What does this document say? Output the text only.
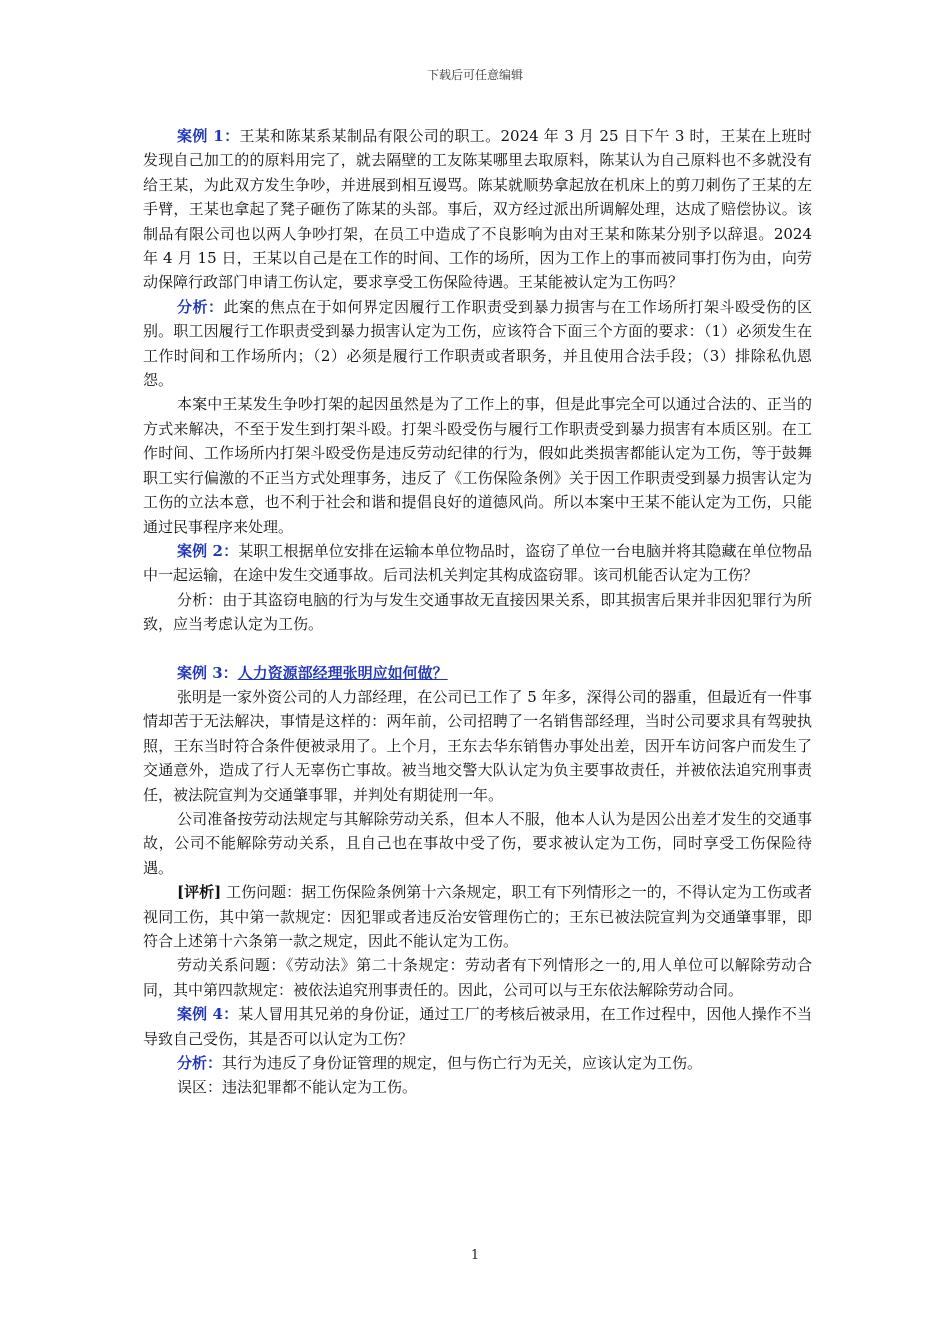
下载后可任意编辑

案例 1：王某和陈某系某制品有限公司的职工。2024 年 3 月 25 日下午 3 时，王某在上班时发现自己加工的的原料用完了，就去隔壁的工友陈某哪里去取原料，陈某认为自己原料也不多就没有给王某，为此双方发生争吵，并进展到相互谩骂。陈某就顺势拿起放在机床上的剪刀刺伤了王某的左手臂，王某也拿起了凳子砸伤了陈某的头部。事后，双方经过派出所调解处理，达成了赔偿协议。该制品有限公司也以两人争吵打架，在员工中造成了不良影响为由对王某和陈某分别予以辞退。2024 年 4 月 15 日，王某以自己是在工作的时间、工作的场所，因为工作上的事而被同事打伤为由，向劳动保障行政部门申请工伤认定，要求享受工伤保险待遇。王某能被认定为工伤吗？

分析：此案的焦点在于如何界定因履行工作职责受到暴力损害与在工作场所打架斗殴受伤的区别。职工因履行工作职责受到暴力损害认定为工伤，应该符合下面三个方面的要求：（1）必须发生在工作时间和工作场所内；（2）必须是履行工作职责或者职务，并且使用合法手段；（3）排除私仇恩怨。

本案中王某发生争吵打架的起因虽然是为了工作上的事，但是此事完全可以通过合法的、正当的方式来解决，不至于发生到打架斗殴。打架斗殴受伤与履行工作职责受到暴力损害有本质区别。在工作时间、工作场所内打架斗殴受伤是违反劳动纪律的行为，假如此类损害都能认定为工伤，等于鼓舞职工实行偏激的不正当方式处理事务，违反了《工伤保险条例》关于因工作职责受到暴力损害认定为工伤的立法本意，也不利于社会和谐和提倡良好的道德风尚。所以本案中王某不能认定为工伤，只能通过民事程序来处理。

案例 2：某职工根据单位安排在运输本单位物品时，盗窃了单位一台电脑并将其隐藏在单位物品中一起运输，在途中发生交通事故。后司法机关判定其构成盗窃罪。该司机能否认定为工伤？

分析：由于其盗窃电脑的行为与发生交通事故无直接因果关系，即其损害后果并非因犯罪行为所致，应当考虑认定为工伤。

案例 3：人力资源部经理张明应如何做？

张明是一家外资公司的人力部经理，在公司已工作了 5 年多，深得公司的器重，但最近有一件事情却苦于无法解决，事情是这样的：两年前，公司招聘了一名销售部经理，当时公司要求具有驾驶执照，王东当时符合条件便被录用了。上个月，王东去华东销售办事处出差，因开车访问客户而发生了交通意外，造成了行人无辜伤亡事故。被当地交警大队认定为负主要事故责任，并被依法追究刑事责任，被法院宣判为交通肇事罪，并判处有期徒刑一年。

公司准备按劳动法规定与其解除劳动关系，但本人不服，他本人认为是因公出差才发生的交通事故，公司不能解除劳动关系，且自己也在事故中受了伤，要求被认定为工伤，同时享受工伤保险待遇。

[评析] 工伤问题：据工伤保险条例第十六条规定，职工有下列情形之一的，不得认定为工伤或者视同工伤，其中第一款规定：因犯罪或者违反治安管理伤亡的；王东已被法院宣判为交通肇事罪，即符合上述第十六条第一款之规定，因此不能认定为工伤。

劳动关系问题：《劳动法》第二十条规定：劳动者有下列情形之一的,用人单位可以解除劳动合同，其中第四款规定：被依法追究刑事责任的。因此，公司可以与王东依法解除劳动合同。

案例 4：某人冒用其兄弟的身份证，通过工厂的考核后被录用，在工作过程中，因他人操作不当导致自己受伤，其是否可以认定为工伤？

分析：其行为违反了身份证管理的规定，但与伤亡行为无关，应该认定为工伤。

误区：违法犯罪都不能认定为工伤。

1
